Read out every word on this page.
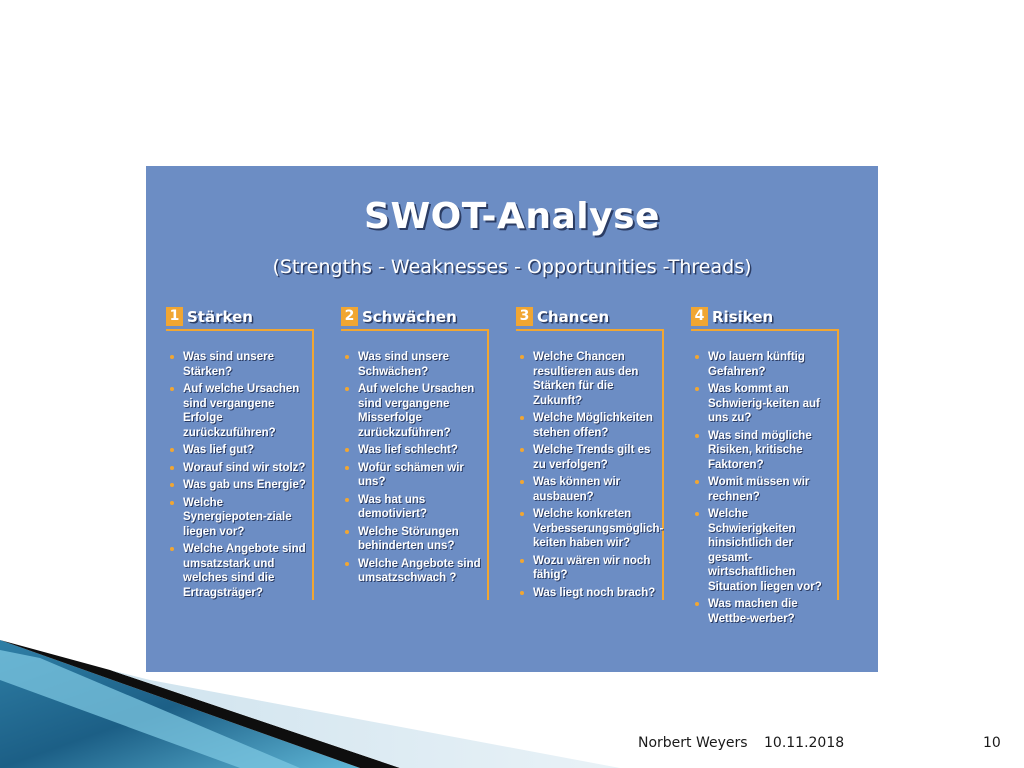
SWOT-Analyse
(Strengths - Weaknesses - Opportunities -Threads)
1 Stärken
Was sind unsere Stärken?
Auf welche Ursachen sind vergangene Erfolge zurückzuführen?
Was lief gut?
Worauf sind wir stolz?
Was gab uns Energie?
Welche Synergiepoten-ziale liegen vor?
Welche Angebote sind umsatzstark und welches sind die Ertragsträger?
2 Schwächen
Was sind unsere Schwächen?
Auf welche Ursachen sind vergangene Misserfolge zurückzuführen?
Was lief schlecht?
Wofür schämen wir uns?
Was hat uns demotiviert?
Welche Störungen behinderten uns?
Welche Angebote sind umsatzschwach ?
3 Chancen
Welche Chancen resultieren aus den Stärken für die Zukunft?
Welche Möglichkeiten stehen offen?
Welche Trends gilt es zu verfolgen?
Was können wir ausbauen?
Welche konkreten Verbesserungsmöglich-keiten haben wir?
Wozu wären wir noch fähig?
Was liegt noch brach?
4 Risiken
Wo lauern künftig Gefahren?
Was kommt an Schwierig-keiten auf uns zu?
Was sind mögliche Risiken, kritische Faktoren?
Womit müssen wir rechnen?
Welche Schwierigkeiten hinsichtlich der gesamt-wirtschaftlichen Situation liegen vor?
Was machen die Wettbe-werber?
Norbert Weyers 10.11.2018	10
